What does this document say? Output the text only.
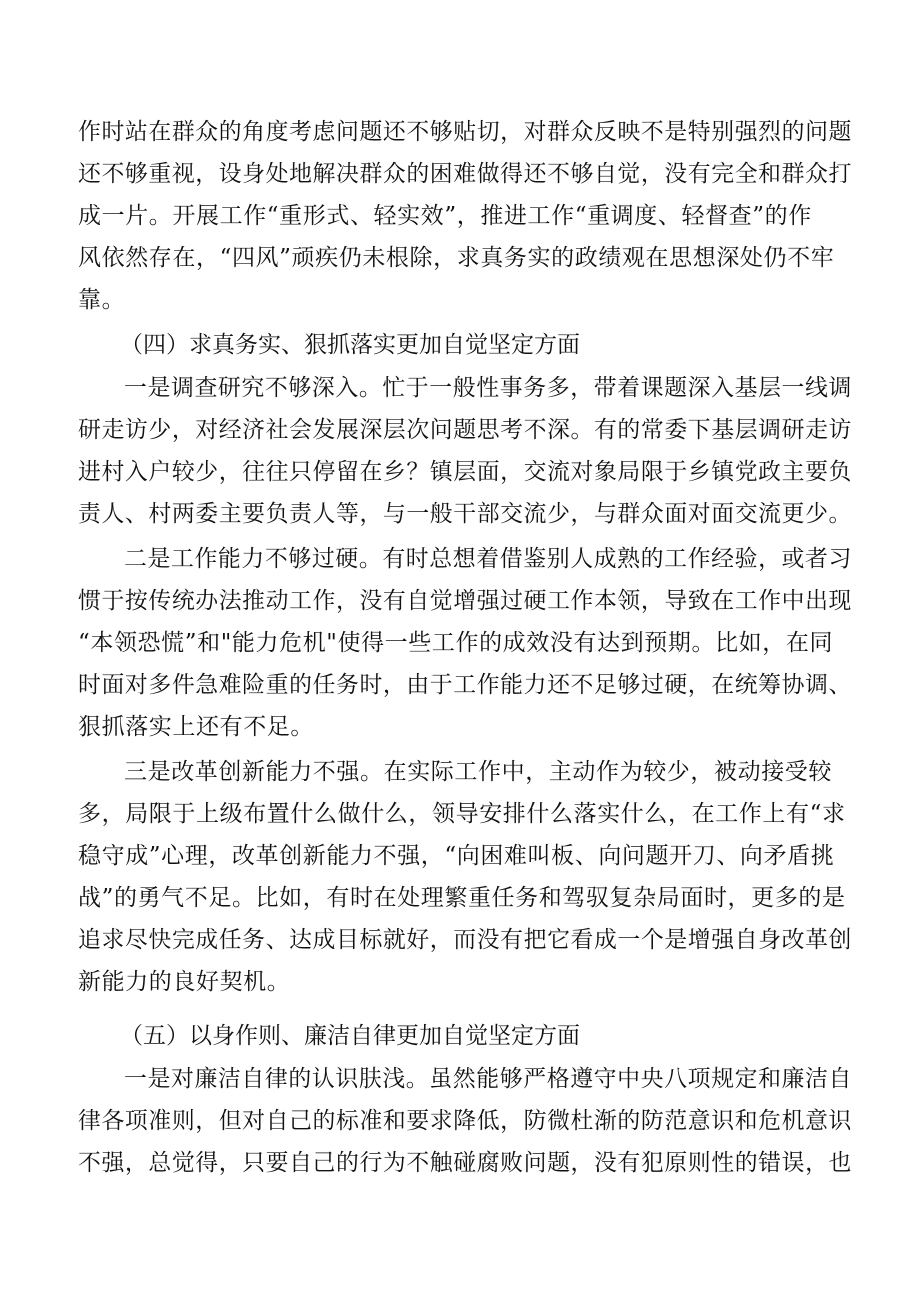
作时站在群众的角度考虑问题还不够贴切，对群众反映不是特别强烈的问题
还不够重视，设身处地解决群众的困难做得还不够自觉，没有完全和群众打
成一片。开展工作“重形式、轻实效”，推进工作“重调度、轻督查”的作
风依然存在，“四风”顽疾仍未根除，求真务实的政绩观在思想深处仍不牢
靠。
（四）求真务实、狠抓落实更加自觉坚定方面
一是调查研究不够深入。忙于一般性事务多，带着课题深入基层一线调
研走访少，对经济社会发展深层次问题思考不深。有的常委下基层调研走访
进村入户较少，往往只停留在乡？镇层面，交流对象局限于乡镇党政主要负
责人、村两委主要负责人等，与一般干部交流少，与群众面对面交流更少。
二是工作能力不够过硬。有时总想着借鉴别人成熟的工作经验，或者习
惯于按传统办法推动工作，没有自觉增强过硬工作本领，导致在工作中出现
“本领恐慌”和"能力危机"使得一些工作的成效没有达到预期。比如，在同
时面对多件急难险重的任务时，由于工作能力还不足够过硬，在统筹协调、
狠抓落实上还有不足。
三是改革创新能力不强。在实际工作中，主动作为较少，被动接受较
多，局限于上级布置什么做什么，领导安排什么落实什么，在工作上有“求
稳守成”心理，改革创新能力不强，“向困难叫板、向问题开刀、向矛盾挑
战”的勇气不足。比如，有时在处理繁重任务和驾驭复杂局面时，更多的是
追求尽快完成任务、达成目标就好，而没有把它看成一个是增强自身改革创
新能力的良好契机。
（五）以身作则、廉洁自律更加自觉坚定方面
一是对廉洁自律的认识肤浅。虽然能够严格遵守中央八项规定和廉洁自
律各项准则，但对自己的标准和要求降低，防微杜渐的防范意识和危机意识
不强，总觉得，只要自己的行为不触碰腐败问题，没有犯原则性的错误，也
